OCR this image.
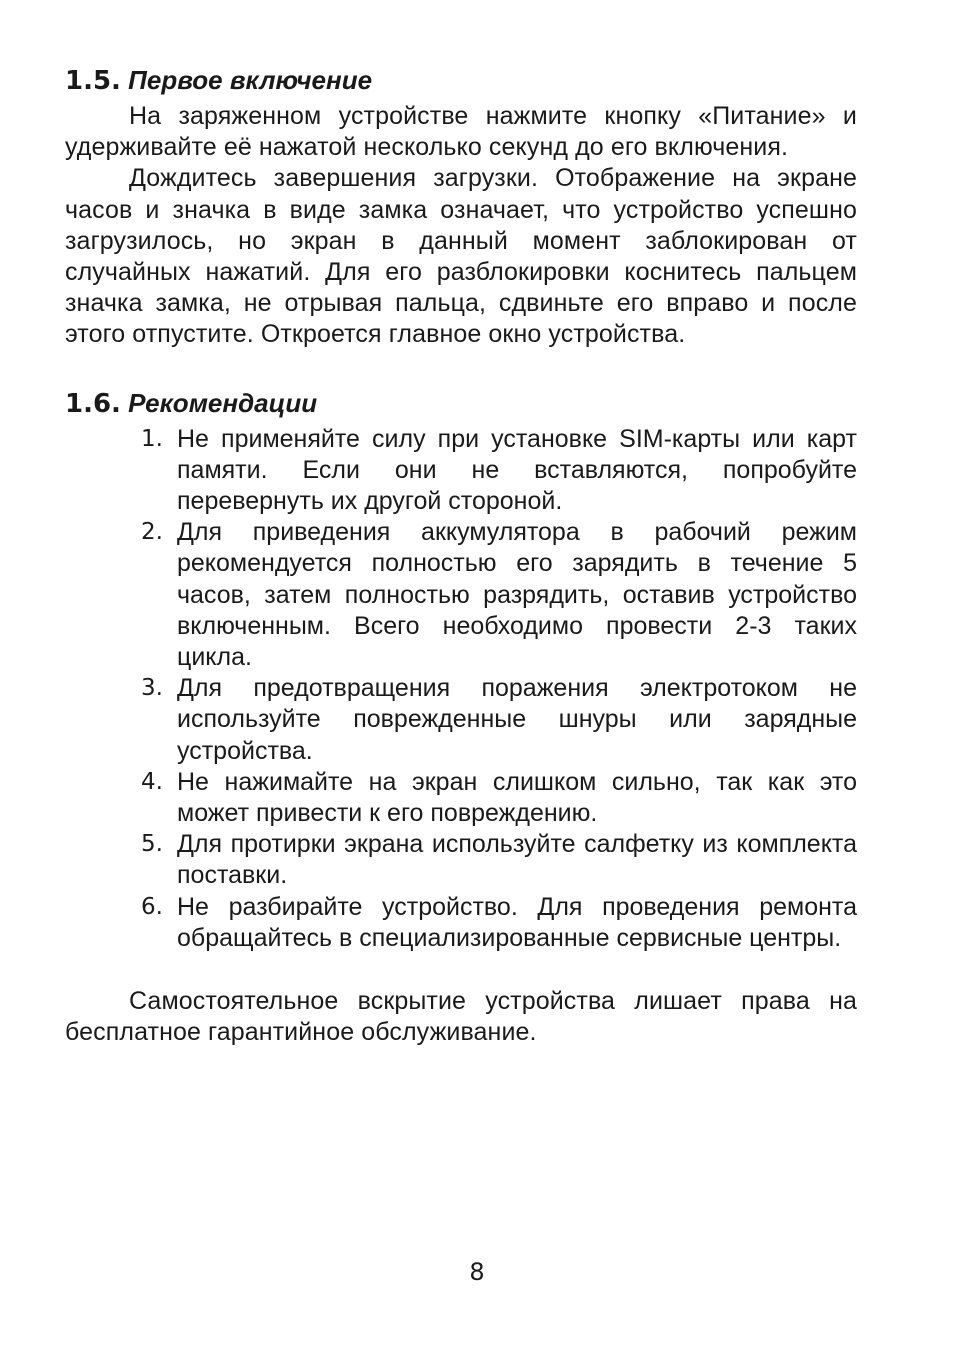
1.5. Первое включение

На заряженном устройстве нажмите кнопку «Питание» и удерживайте её нажатой несколько секунд до его включения.

Дождитесь завершения загрузки. Отображение на экране часов и значка в виде замка означает, что устройство успешно загрузилось, но экран в данный момент заблокирован от случайных нажатий. Для его разблокировки коснитесь пальцем значка замка, не отрывая пальца, сдвиньте его вправо и после этого отпустите. Откроется главное окно устройства.

1.6. Рекомендации
1. Не применяйте силу при установке SIM-карты или карт памяти. Если они не вставляются, попробуйте перевернуть их другой стороной.
2. Для приведения аккумулятора в рабочий режим рекомендуется полностью его зарядить в течение 5 часов, затем полностью разрядить, оставив устройство включенным. Всего необходимо провести 2-3 таких цикла.
3. Для предотвращения поражения электротоком не используйте поврежденные шнуры или зарядные устройства.
4. Не нажимайте на экран слишком сильно, так как это может привести к его повреждению.
5. Для протирки экрана используйте салфетку из комплекта поставки.
6. Не разбирайте устройство. Для проведения ремонта обращайтесь в специализированные сервисные центры.

Самостоятельное вскрытие устройства лишает права на бесплатное гарантийное обслуживание.

8
